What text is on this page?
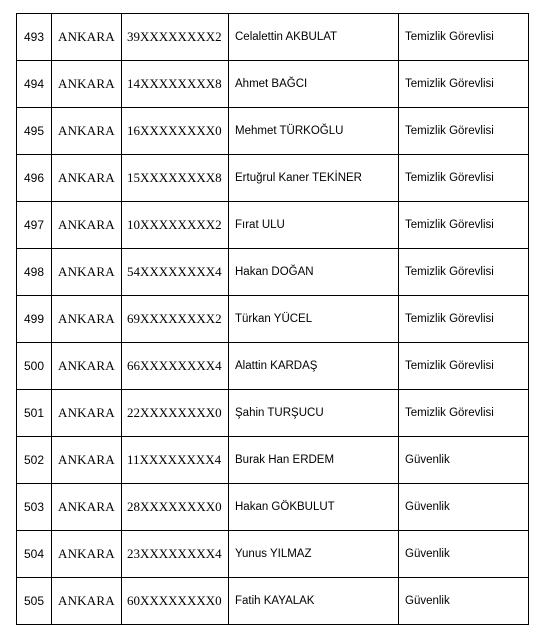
493	ANKARA	39XXXXXXXX2	Celalettin AKBULAT	Temizlik Görevlisi
494	ANKARA	14XXXXXXXX8	Ahmet BAĞCI	Temizlik Görevlisi
495	ANKARA	16XXXXXXXX0	Mehmet TÜRKOĞLU	Temizlik Görevlisi
496	ANKARA	15XXXXXXXX8	Ertuğrul Kaner TEKİNER	Temizlik Görevlisi
497	ANKARA	10XXXXXXXX2	Fırat ULU	Temizlik Görevlisi
498	ANKARA	54XXXXXXXX4	Hakan DOĞAN	Temizlik Görevlisi
499	ANKARA	69XXXXXXXX2	Türkan YÜCEL	Temizlik Görevlisi
500	ANKARA	66XXXXXXXX4	Alattin KARDAŞ	Temizlik Görevlisi
501	ANKARA	22XXXXXXXX0	Şahin TURŞUCU	Temizlik Görevlisi
502	ANKARA	11XXXXXXXX4	Burak Han ERDEM	Güvenlik
503	ANKARA	28XXXXXXXX0	Hakan GÖKBULUT	Güvenlik
504	ANKARA	23XXXXXXXX4	Yunus YILMAZ	Güvenlik
505	ANKARA	60XXXXXXXX0	Fatih KAYALAK	Güvenlik
